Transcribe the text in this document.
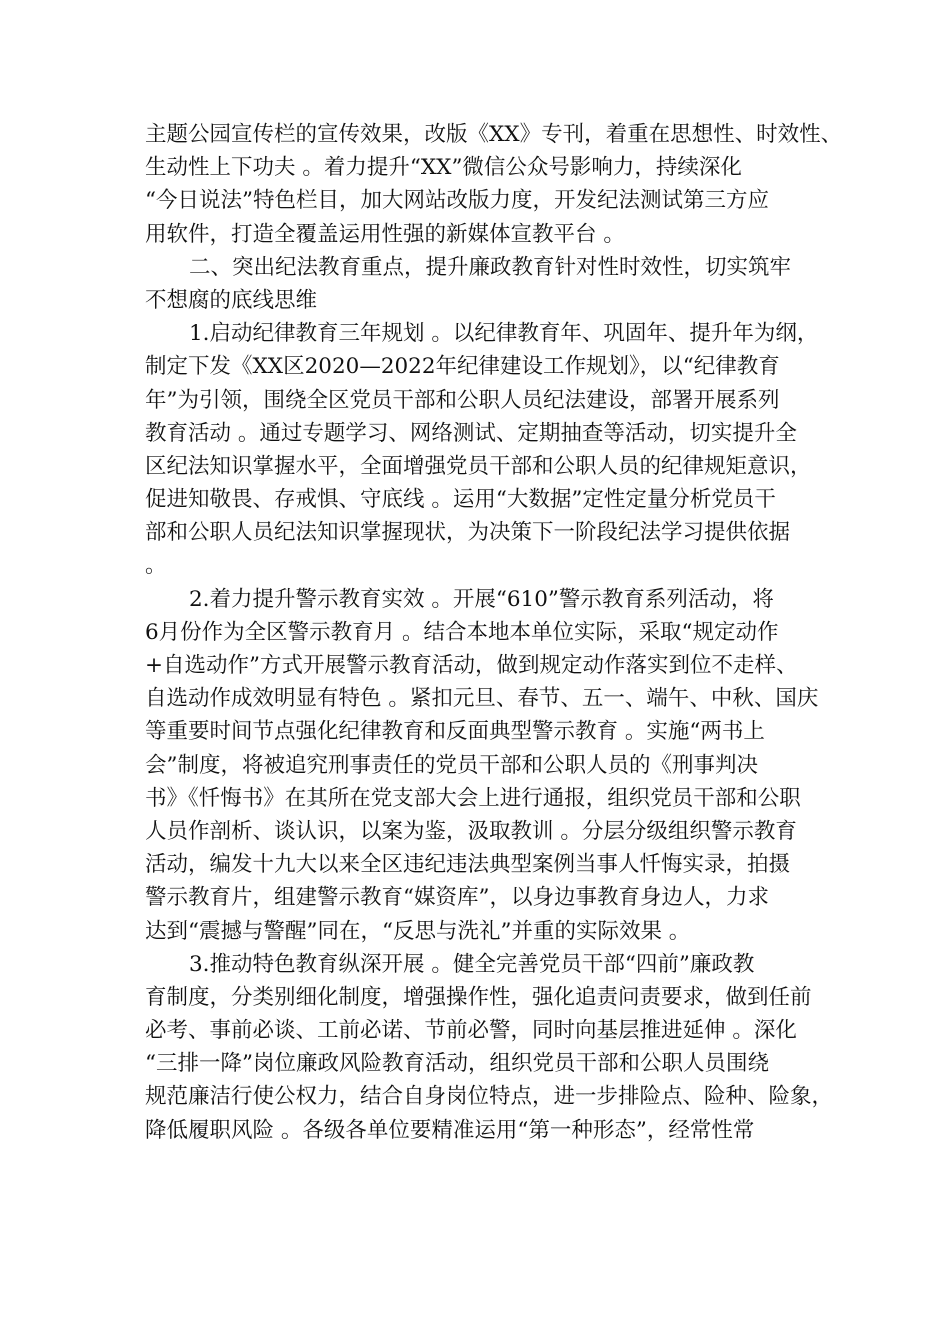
主题公园宣传栏的宣传效果，改版《XX》专刊，着重在思想性、时效性、
生动性上下功夫 。着力提升“XX”微信公众号影响力，持续深化
“今日说法”特色栏目，加大网站改版力度，开发纪法测试第三方应
用软件，打造全覆盖运用性强的新媒体宣教平台 。
二、突出纪法教育重点，提升廉政教育针对性时效性，切实筑牢
不想腐的底线思维
1.启动纪律教育三年规划 。以纪律教育年、巩固年、提升年为纲，
制定下发《XX区2020—2022年纪律建设工作规划》，以“纪律教育
年”为引领，围绕全区党员干部和公职人员纪法建设，部署开展系列
教育活动 。通过专题学习、网络测试、定期抽查等活动，切实提升全
区纪法知识掌握水平，全面增强党员干部和公职人员的纪律规矩意识，
促进知敬畏、存戒惧、守底线 。运用“大数据”定性定量分析党员干
部和公职人员纪法知识掌握现状，为决策下一阶段纪法学习提供依据
。
2.着力提升警示教育实效 。开展“610”警示教育系列活动，将
6月份作为全区警示教育月 。结合本地本单位实际，采取“规定动作
+自选动作”方式开展警示教育活动，做到规定动作落实到位不走样、
自选动作成效明显有特色 。紧扣元旦、春节、五一、端午、中秋、国庆
等重要时间节点强化纪律教育和反面典型警示教育 。实施“两书上
会”制度，将被追究刑事责任的党员干部和公职人员的《刑事判决
书》《忏悔书》在其所在党支部大会上进行通报，组织党员干部和公职
人员作剖析、谈认识，以案为鉴，汲取教训 。分层分级组织警示教育
活动，编发十九大以来全区违纪违法典型案例当事人忏悔实录，拍摄
警示教育片，组建警示教育“媒资库”，以身边事教育身边人，力求
达到“震撼与警醒”同在，“反思与洗礼”并重的实际效果 。
3.推动特色教育纵深开展 。健全完善党员干部“四前”廉政教
育制度，分类别细化制度，增强操作性，强化追责问责要求，做到任前
必考、事前必谈、工前必诺、节前必警，同时向基层推进延伸 。深化
“三排一降”岗位廉政风险教育活动，组织党员干部和公职人员围绕
规范廉洁行使公权力，结合自身岗位特点，进一步排险点、险种、险象，
降低履职风险 。各级各单位要精准运用“第一种形态”，经常性常
